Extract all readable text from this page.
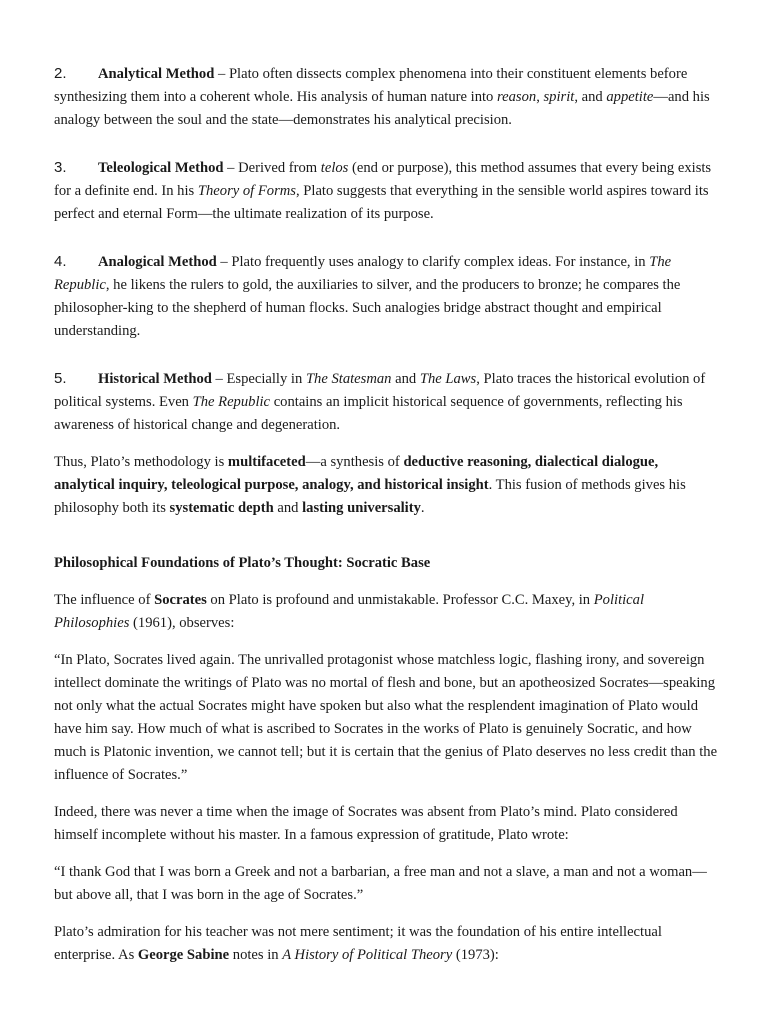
2. Analytical Method – Plato often dissects complex phenomena into their constituent elements before synthesizing them into a coherent whole. His analysis of human nature into reason, spirit, and appetite—and his analogy between the soul and the state—demonstrates his analytical precision.

3. Teleological Method – Derived from telos (end or purpose), this method assumes that every being exists for a definite end. In his Theory of Forms, Plato suggests that everything in the sensible world aspires toward its perfect and eternal Form—the ultimate realization of its purpose.

4. Analogical Method – Plato frequently uses analogy to clarify complex ideas. For instance, in The Republic, he likens the rulers to gold, the auxiliaries to silver, and the producers to bronze; he compares the philosopher-king to the shepherd of human flocks. Such analogies bridge abstract thought and empirical understanding.

5. Historical Method – Especially in The Statesman and The Laws, Plato traces the historical evolution of political systems. Even The Republic contains an implicit historical sequence of governments, reflecting his awareness of historical change and degeneration.

Thus, Plato’s methodology is multifaceted—a synthesis of deductive reasoning, dialectical dialogue, analytical inquiry, teleological purpose, analogy, and historical insight. This fusion of methods gives his philosophy both its systematic depth and lasting universality.

Philosophical Foundations of Plato’s Thought: Socratic Base

The influence of Socrates on Plato is profound and unmistakable. Professor C.C. Maxey, in Political Philosophies (1961), observes:

“In Plato, Socrates lived again. The unrivalled protagonist whose matchless logic, flashing irony, and sovereign intellect dominate the writings of Plato was no mortal of flesh and bone, but an apotheosized Socrates—speaking not only what the actual Socrates might have spoken but also what the resplendent imagination of Plato would have him say. How much of what is ascribed to Socrates in the works of Plato is genuinely Socratic, and how much is Platonic invention, we cannot tell; but it is certain that the genius of Plato deserves no less credit than the influence of Socrates.”

Indeed, there was never a time when the image of Socrates was absent from Plato’s mind. Plato considered himself incomplete without his master. In a famous expression of gratitude, Plato wrote:

“I thank God that I was born a Greek and not a barbarian, a free man and not a slave, a man and not a woman—but above all, that I was born in the age of Socrates.”

Plato’s admiration for his teacher was not mere sentiment; it was the foundation of his entire intellectual enterprise. As George Sabine notes in A History of Political Theory (1973):
